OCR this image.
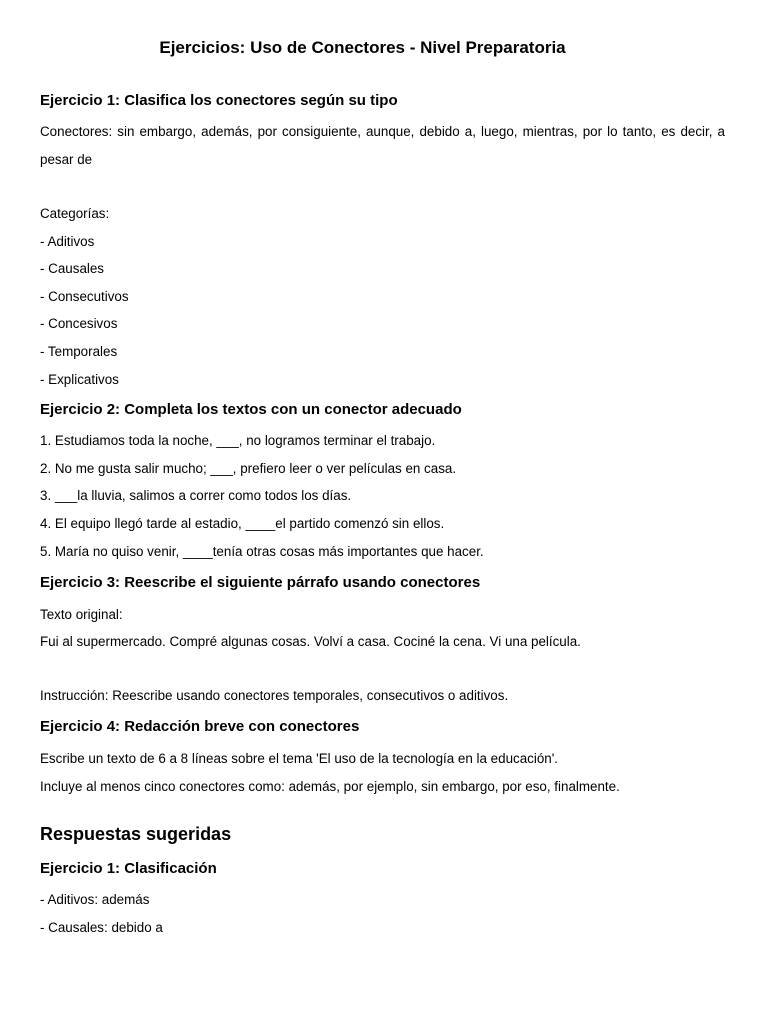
Ejercicios: Uso de Conectores - Nivel Preparatoria
Ejercicio 1: Clasifica los conectores según su tipo

Conectores: sin embargo, además, por consiguiente, aunque, debido a, luego, mientras, por lo tanto, es decir, a pesar de

Categorías:

- Aditivos

- Causales

- Consecutivos

- Concesivos

- Temporales

- Explicativos

Ejercicio 2: Completa los textos con un conector adecuado

1. Estudiamos toda la noche, ___, no logramos terminar el trabajo.

2. No me gusta salir mucho; ___, prefiero leer o ver películas en casa.

3. ___la lluvia, salimos a correr como todos los días.

4. El equipo llegó tarde al estadio, ____el partido comenzó sin ellos.

5. María no quiso venir, ____tenía otras cosas más importantes que hacer.

Ejercicio 3: Reescribe el siguiente párrafo usando conectores

Texto original:

Fui al supermercado. Compré algunas cosas. Volví a casa. Cociné la cena. Vi una película.

Instrucción: Reescribe usando conectores temporales, consecutivos o aditivos.

Ejercicio 4: Redacción breve con conectores

Escribe un texto de 6 a 8 líneas sobre el tema 'El uso de la tecnología en la educación'.

Incluye al menos cinco conectores como: además, por ejemplo, sin embargo, por eso, finalmente.

Respuestas sugeridas
Ejercicio 1: Clasificación

- Aditivos: además

- Causales: debido a
